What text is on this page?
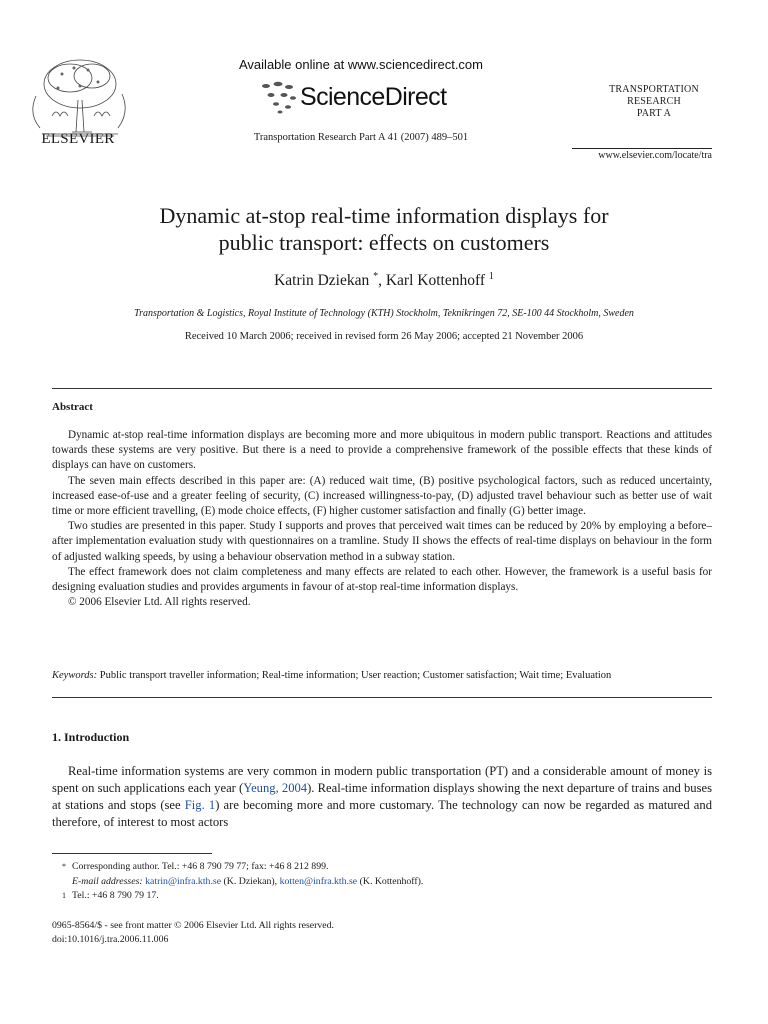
ELSEVIER
Available online at www.sciencedirect.com
ScienceDirect
Transportation Research Part A 41 (2007) 489–501
TRANSPORTATION
RESEARCH
PART A
www.elsevier.com/locate/tra
Dynamic at-stop real-time information displays for
public transport: effects on customers
Katrin Dziekan *, Karl Kottenhoff $^1$
Transportation & Logistics, Royal Institute of Technology (KTH) Stockholm, Teknikringen 72, SE-100 44 Stockholm, Sweden
Received 10 March 2006; received in revised form 26 May 2006; accepted 21 November 2006
Abstract

Dynamic at-stop real-time information displays are becoming more and more ubiquitous in modern public transport. Reactions and attitudes towards these systems are very positive. But there is a need to provide a comprehensive framework of the possible effects that these kinds of displays can have on customers.

The seven main effects described in this paper are: (A) reduced wait time, (B) positive psychological factors, such as reduced uncertainty, increased ease-of-use and a greater feeling of security, (C) increased willingness-to-pay, (D) adjusted travel behaviour such as better use of wait time or more efficient travelling, (E) mode choice effects, (F) higher customer satisfaction and finally (G) better image.

Two studies are presented in this paper. Study I supports and proves that perceived wait times can be reduced by 20% by employing a before–after implementation evaluation study with questionnaires on a tramline. Study II shows the effects of real-time displays on behaviour in the form of adjusted walking speeds, by using a behaviour observation method in a subway station.

The effect framework does not claim completeness and many effects are related to each other. However, the framework is a useful basis for designing evaluation studies and provides arguments in favour of at-stop real-time information displays.

© 2006 Elsevier Ltd. All rights reserved.

Keywords: Public transport traveller information; Real-time information; User reaction; Customer satisfaction; Wait time; Evaluation
1. Introduction
Real-time information systems are very common in modern public transportation (PT) and a considerable amount of money is spent on such applications each year (Yeung, 2004). Real-time information displays showing the next departure of trains and buses at stations and stops (see Fig. 1) are becoming more and more customary. The technology can now be regarded as matured and therefore, of interest to most actors
* Corresponding author. Tel.: +46 8 790 79 77; fax: +46 8 212 899.
E-mail addresses: katrin@infra.kth.se (K. Dziekan), kotten@infra.kth.se (K. Kottenhoff).
1 Tel.: +46 8 790 79 17.
0965-8564/$ - see front matter © 2006 Elsevier Ltd. All rights reserved.
doi:10.1016/j.tra.2006.11.006
